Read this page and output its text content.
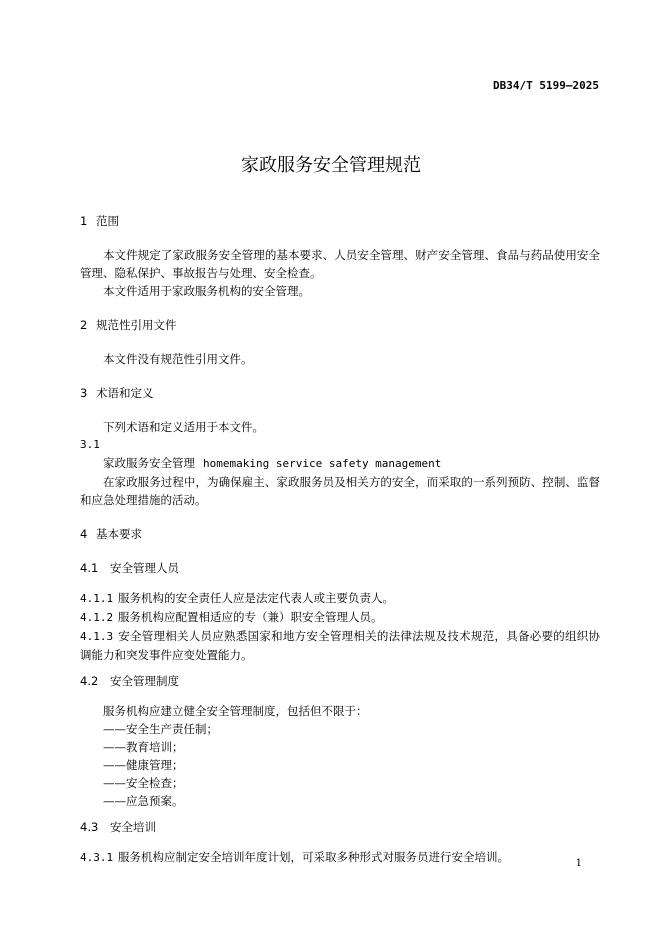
DB34/T 5199—2025
家政服务安全管理规范
1 范围

本文件规定了家政服务安全管理的基本要求、人员安全管理、财产安全管理、食品与药品使用安全管理、隐私保护、事故报告与处理、安全检查。

本文件适用于家政服务机构的安全管理。

2 规范性引用文件

本文件没有规范性引用文件。

3 术语和定义

下列术语和定义适用于本文件。

3.1

家政服务安全管理 homemaking service safety management

在家政服务过程中，为确保雇主、家政服务员及相关方的安全，而采取的一系列预防、控制、监督和应急处理措施的活动。

4 基本要求
4.1 安全管理人员

4.1.1 服务机构的安全责任人应是法定代表人或主要负责人。

4.1.2 服务机构应配置相适应的专（兼）职安全管理人员。

4.1.3 安全管理相关人员应熟悉国家和地方安全管理相关的法律法规及技术规范，具备必要的组织协调能力和突发事件应变处置能力。

4.2 安全管理制度

服务机构应建立健全安全管理制度，包括但不限于：

——安全生产责任制；

——教育培训；

——健康管理；

——安全检查；

——应急预案。

4.3 安全培训

4.3.1 服务机构应制定安全培训年度计划，可采取多种形式对服务员进行安全培训。	1
